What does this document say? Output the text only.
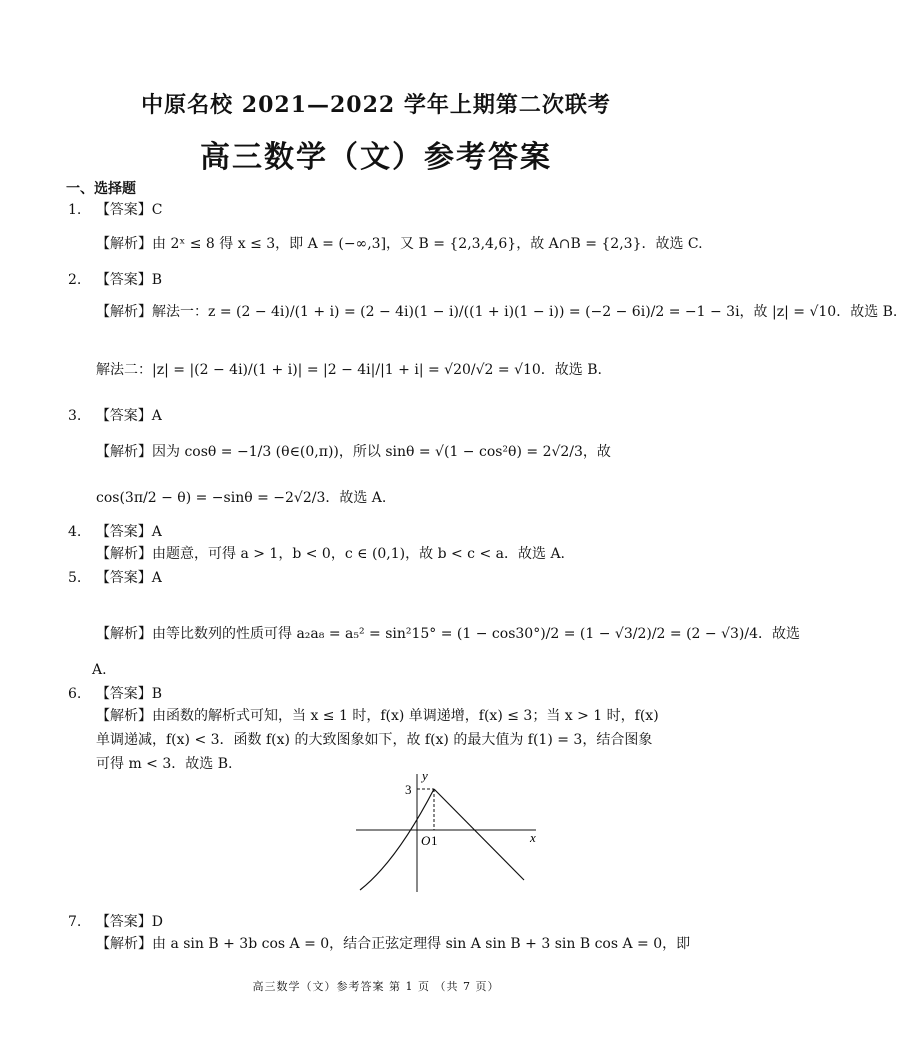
中原名校 2021—2022 学年上期第二次联考
高三数学（文）参考答案
一、选择题
1. 【答案】C
【解析】由 2ˣ ≤ 8 得 x ≤ 3，即 A = (−∞,3]，又 B = {2,3,4,6}，故 A∩B = {2,3}．故选 C.
2. 【答案】B
【解析】解法一：z = (2 − 4i)/(1 + i) = (2 − 4i)(1 − i)/((1 + i)(1 − i)) = (−2 − 6i)/2 = −1 − 3i，故 |z| = √10．故选 B.
解法二：|z| = |(2 − 4i)/(1 + i)| = |2 − 4i|/|1 + i| = √20/√2 = √10．故选 B.
3. 【答案】A
【解析】因为 cosθ = −1/3 (θ∈(0,π))，所以 sinθ = √(1 − cos²θ) = 2√2/3，故
cos(3π/2 − θ) = −sinθ = −2√2/3．故选 A.
4. 【答案】A
【解析】由题意，可得 a > 1，b < 0，c ∈ (0,1)，故 b < c < a．故选 A.
5. 【答案】A
【解析】由等比数列的性质可得 a₂a₈ = a₅² = sin²15° = (1 − cos30°)/2 = (1 − √3/2)/2 = (2 − √3)/4．故选
A.
6. 【答案】B
【解析】由函数的解析式可知，当 x ≤ 1 时，f(x) 单调递增，f(x) ≤ 3；当 x > 1 时，f(x)
单调递减，f(x) < 3．函数 f(x) 的大致图象如下，故 f(x) 的最大值为 f(1) = 3，结合图象
可得 m < 3．故选 B.
y
x
3
O 1
7. 【答案】D
【解析】由 a sin B + 3b cos A = 0，结合正弦定理得 sin A sin B + 3 sin B cos A = 0，即
高三数学（文）参考答案 第 1 页 （共 7 页）
